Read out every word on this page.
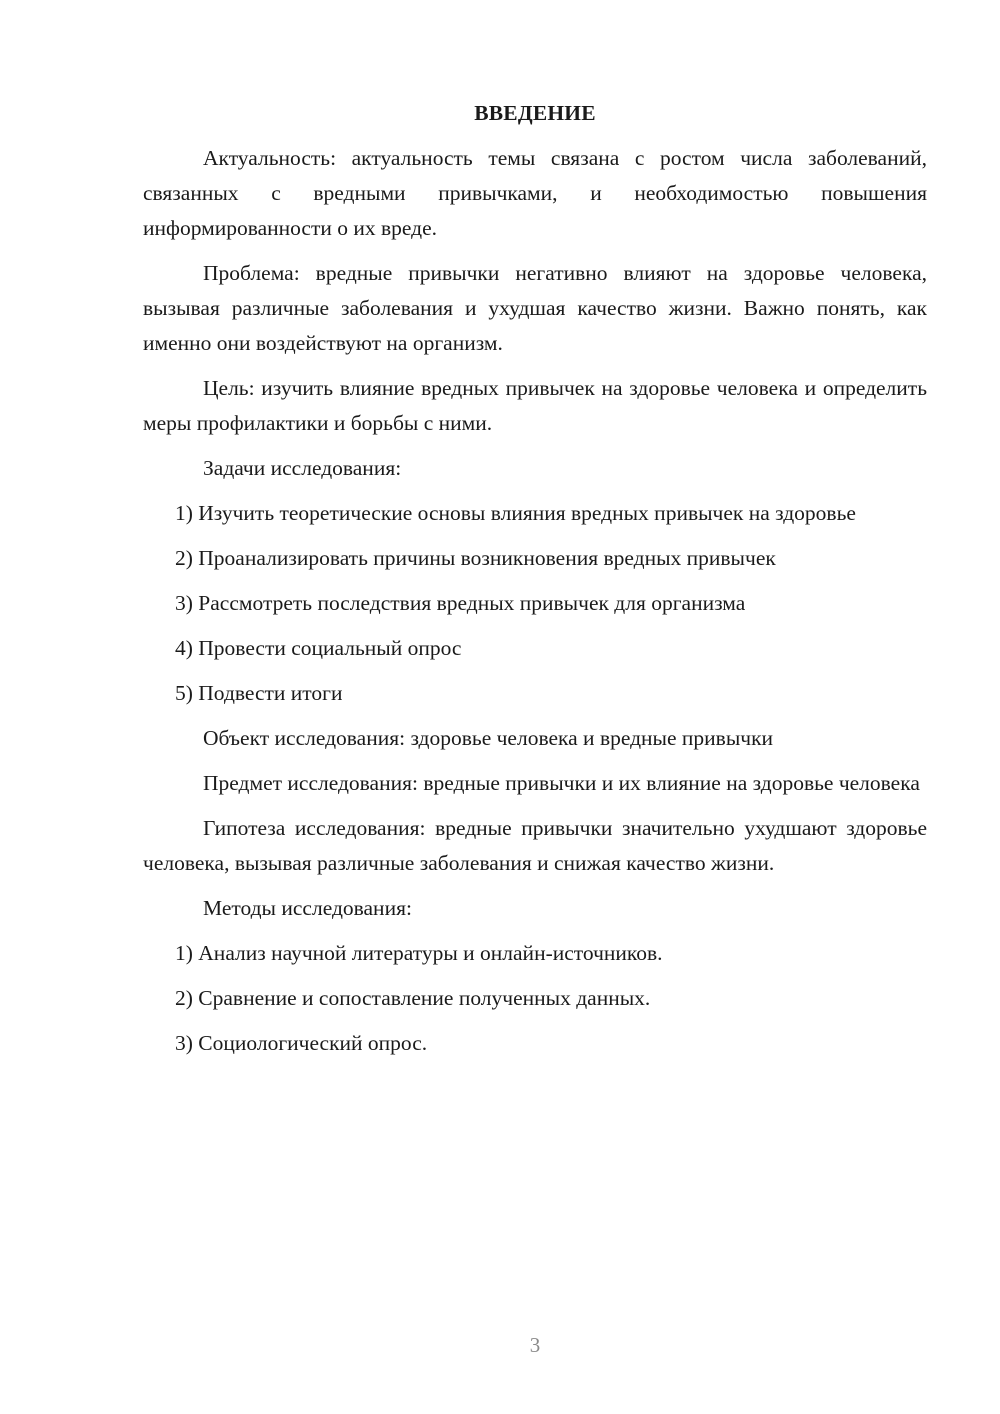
ВВЕДЕНИЕ

Актуальность: актуальность темы связана с ростом числа заболеваний, связанных с вредными привычками, и необходимостью повышения информированности о их вреде.

Проблема: вредные привычки негативно влияют на здоровье человека, вызывая различные заболевания и ухудшая качество жизни. Важно понять, как именно они воздействуют на организм.

Цель: изучить влияние вредных привычек на здоровье человека и определить меры профилактики и борьбы с ними.

Задачи исследования:

1) Изучить теоретические основы влияния вредных привычек на здоровье

2) Проанализировать причины возникновения вредных привычек

3) Рассмотреть последствия вредных привычек для организма

4) Провести социальный опрос

5) Подвести итоги

Объект исследования: здоровье человека и вредные привычки

Предмет исследования: вредные привычки и их влияние на здоровье человека

Гипотеза исследования: вредные привычки значительно ухудшают здоровье человека, вызывая различные заболевания и снижая качество жизни.

Методы исследования:

1) Анализ научной литературы и онлайн-источников.

2) Сравнение и сопоставление полученных данных.

3) Социологический опрос.

3
